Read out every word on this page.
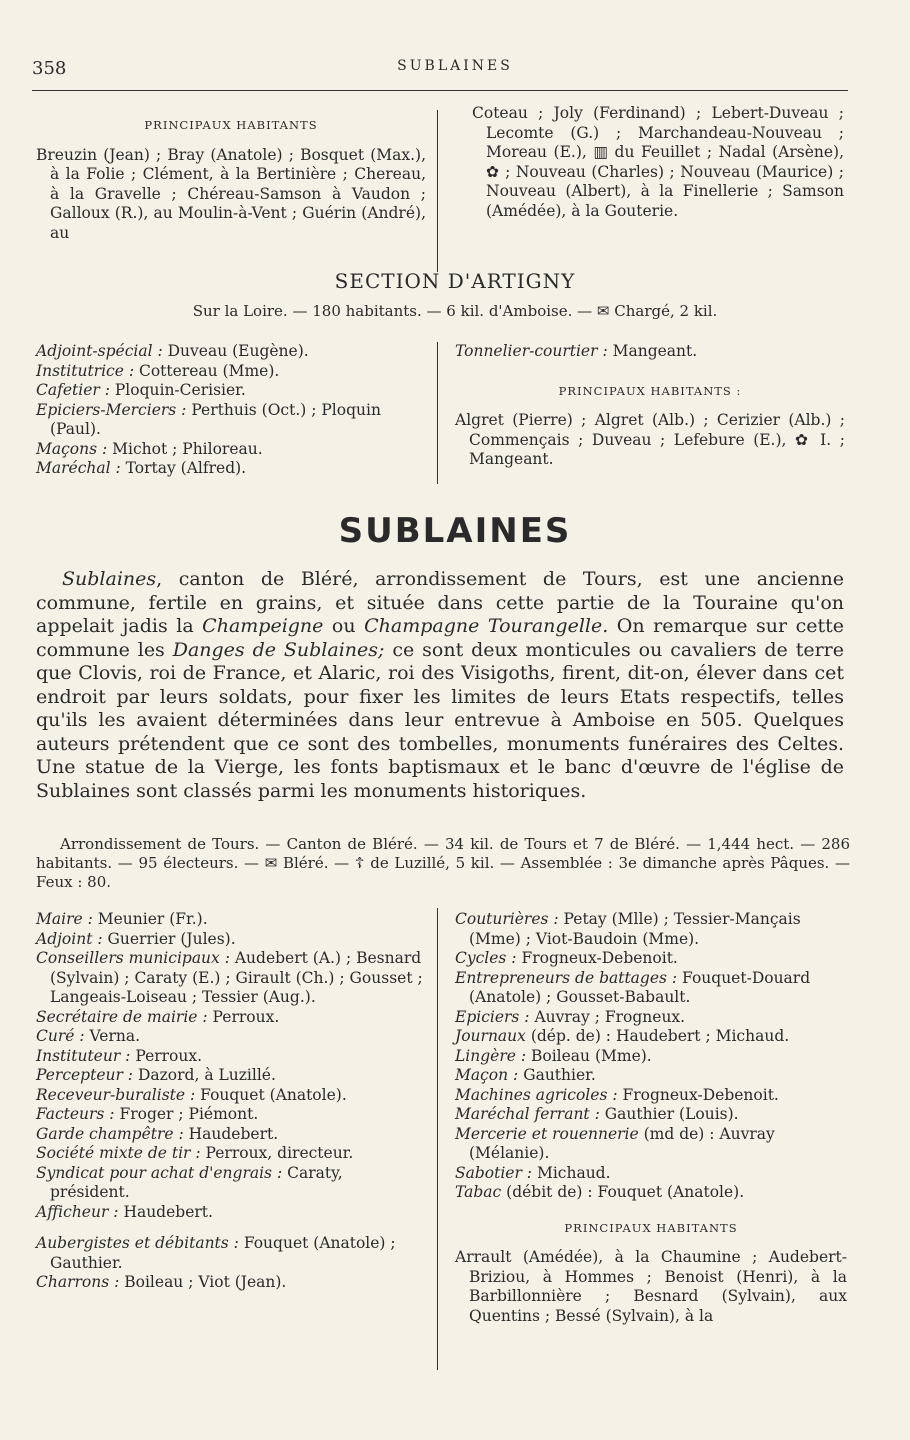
358	SUBLAINES
PRINCIPAUX HABITANTS

Breuzin (Jean) ; Bray (Anatole) ; Bosquet (Max.), à la Folie ; Clément, à la Bertinière ; Chereau, à la Gravelle ; Chéreau-Samson à Vaudon ; Galloux (R.), au Moulin-à-Vent ; Guérin (André), au

Coteau ; Joly (Ferdinand) ; Lebert-Duveau ; Lecomte (G.) ; Marchandeau-Nouveau ; Moreau (E.), ▥ du Feuillet ; Nadal (Arsène), ✿ ; Nouveau (Charles) ; Nouveau (Maurice) ; Nouveau (Albert), à la Finellerie ; Samson (Amédée), à la Gouterie.

SECTION D'ARTIGNY
Sur la Loire. — 180 habitants. — 6 kil. d'Amboise. — ✉ Chargé, 2 kil.

Adjoint-spécial : Duveau (Eugène).

Institutrice : Cottereau (Mme).

Cafetier : Ploquin-Cerisier.

Epiciers-Merciers : Perthuis (Oct.) ; Ploquin (Paul).

Maçons : Michot ; Philoreau.

Maréchal : Tortay (Alfred).

Tonnelier-courtier : Mangeant.

PRINCIPAUX HABITANTS :

Algret (Pierre) ; Algret (Alb.) ; Cerizier (Alb.) ; Commençais ; Duveau ; Lefebure (E.), ✿ I. ; Mangeant.

SUBLAINES

Sublaines, canton de Bléré, arrondissement de Tours, est une ancienne commune, fertile en grains, et située dans cette partie de la Touraine qu'on appelait jadis la Champeigne ou Champagne Tourangelle. On remarque sur cette commune les Danges de Sublaines; ce sont deux monticules ou cavaliers de terre que Clovis, roi de France, et Alaric, roi des Visigoths, firent, dit-on, élever dans cet endroit par leurs soldats, pour fixer les limites de leurs Etats respectifs, telles qu'ils les avaient déterminées dans leur entrevue à Amboise en 505. Quelques auteurs prétendent que ce sont des tombelles, monuments funéraires des Celtes. Une statue de la Vierge, les fonts baptismaux et le banc d'œuvre de l'église de Sublaines sont classés parmi les monuments historiques.

Arrondissement de Tours. — Canton de Bléré. — 34 kil. de Tours et 7 de Bléré. — 1,444 hect. — 286 habitants. — 95 électeurs. — ✉ Bléré. — ☦ de Luzillé, 5 kil. — Assemblée : 3e dimanche après Pâques. — Feux : 80.

Maire : Meunier (Fr.).

Adjoint : Guerrier (Jules).

Conseillers municipaux : Audebert (A.) ; Besnard (Sylvain) ; Caraty (E.) ; Girault (Ch.) ; Gousset ; Langeais-Loiseau ; Tessier (Aug.).

Secrétaire de mairie : Perroux.

Curé : Verna.

Instituteur : Perroux.

Percepteur : Dazord, à Luzillé.

Receveur-buraliste : Fouquet (Anatole).

Facteurs : Froger ; Piémont.

Garde champêtre : Haudebert.

Société mixte de tir : Perroux, directeur.

Syndicat pour achat d'engrais : Caraty, président.

Afficheur : Haudebert.

Aubergistes et débitants : Fouquet (Anatole) ; Gauthier.

Charrons : Boileau ; Viot (Jean).

Couturières : Petay (Mlle) ; Tessier-Mançais (Mme) ; Viot-Baudoin (Mme).

Cycles : Frogneux-Debenoit.

Entrepreneurs de battages : Fouquet-Douard (Anatole) ; Gousset-Babault.

Epiciers : Auvray ; Frogneux.

Journaux (dép. de) : Haudebert ; Michaud.

Lingère : Boileau (Mme).

Maçon : Gauthier.

Machines agricoles : Frogneux-Debenoit.

Maréchal ferrant : Gauthier (Louis).

Mercerie et rouennerie (md de) : Auvray (Mélanie).

Sabotier : Michaud.

Tabac (débit de) : Fouquet (Anatole).

PRINCIPAUX HABITANTS

Arrault (Amédée), à la Chaumine ; Audebert-Briziou, à Hommes ; Benoist (Henri), à la Barbillonnière ; Besnard (Sylvain), aux Quentins ; Bessé (Sylvain), à la
